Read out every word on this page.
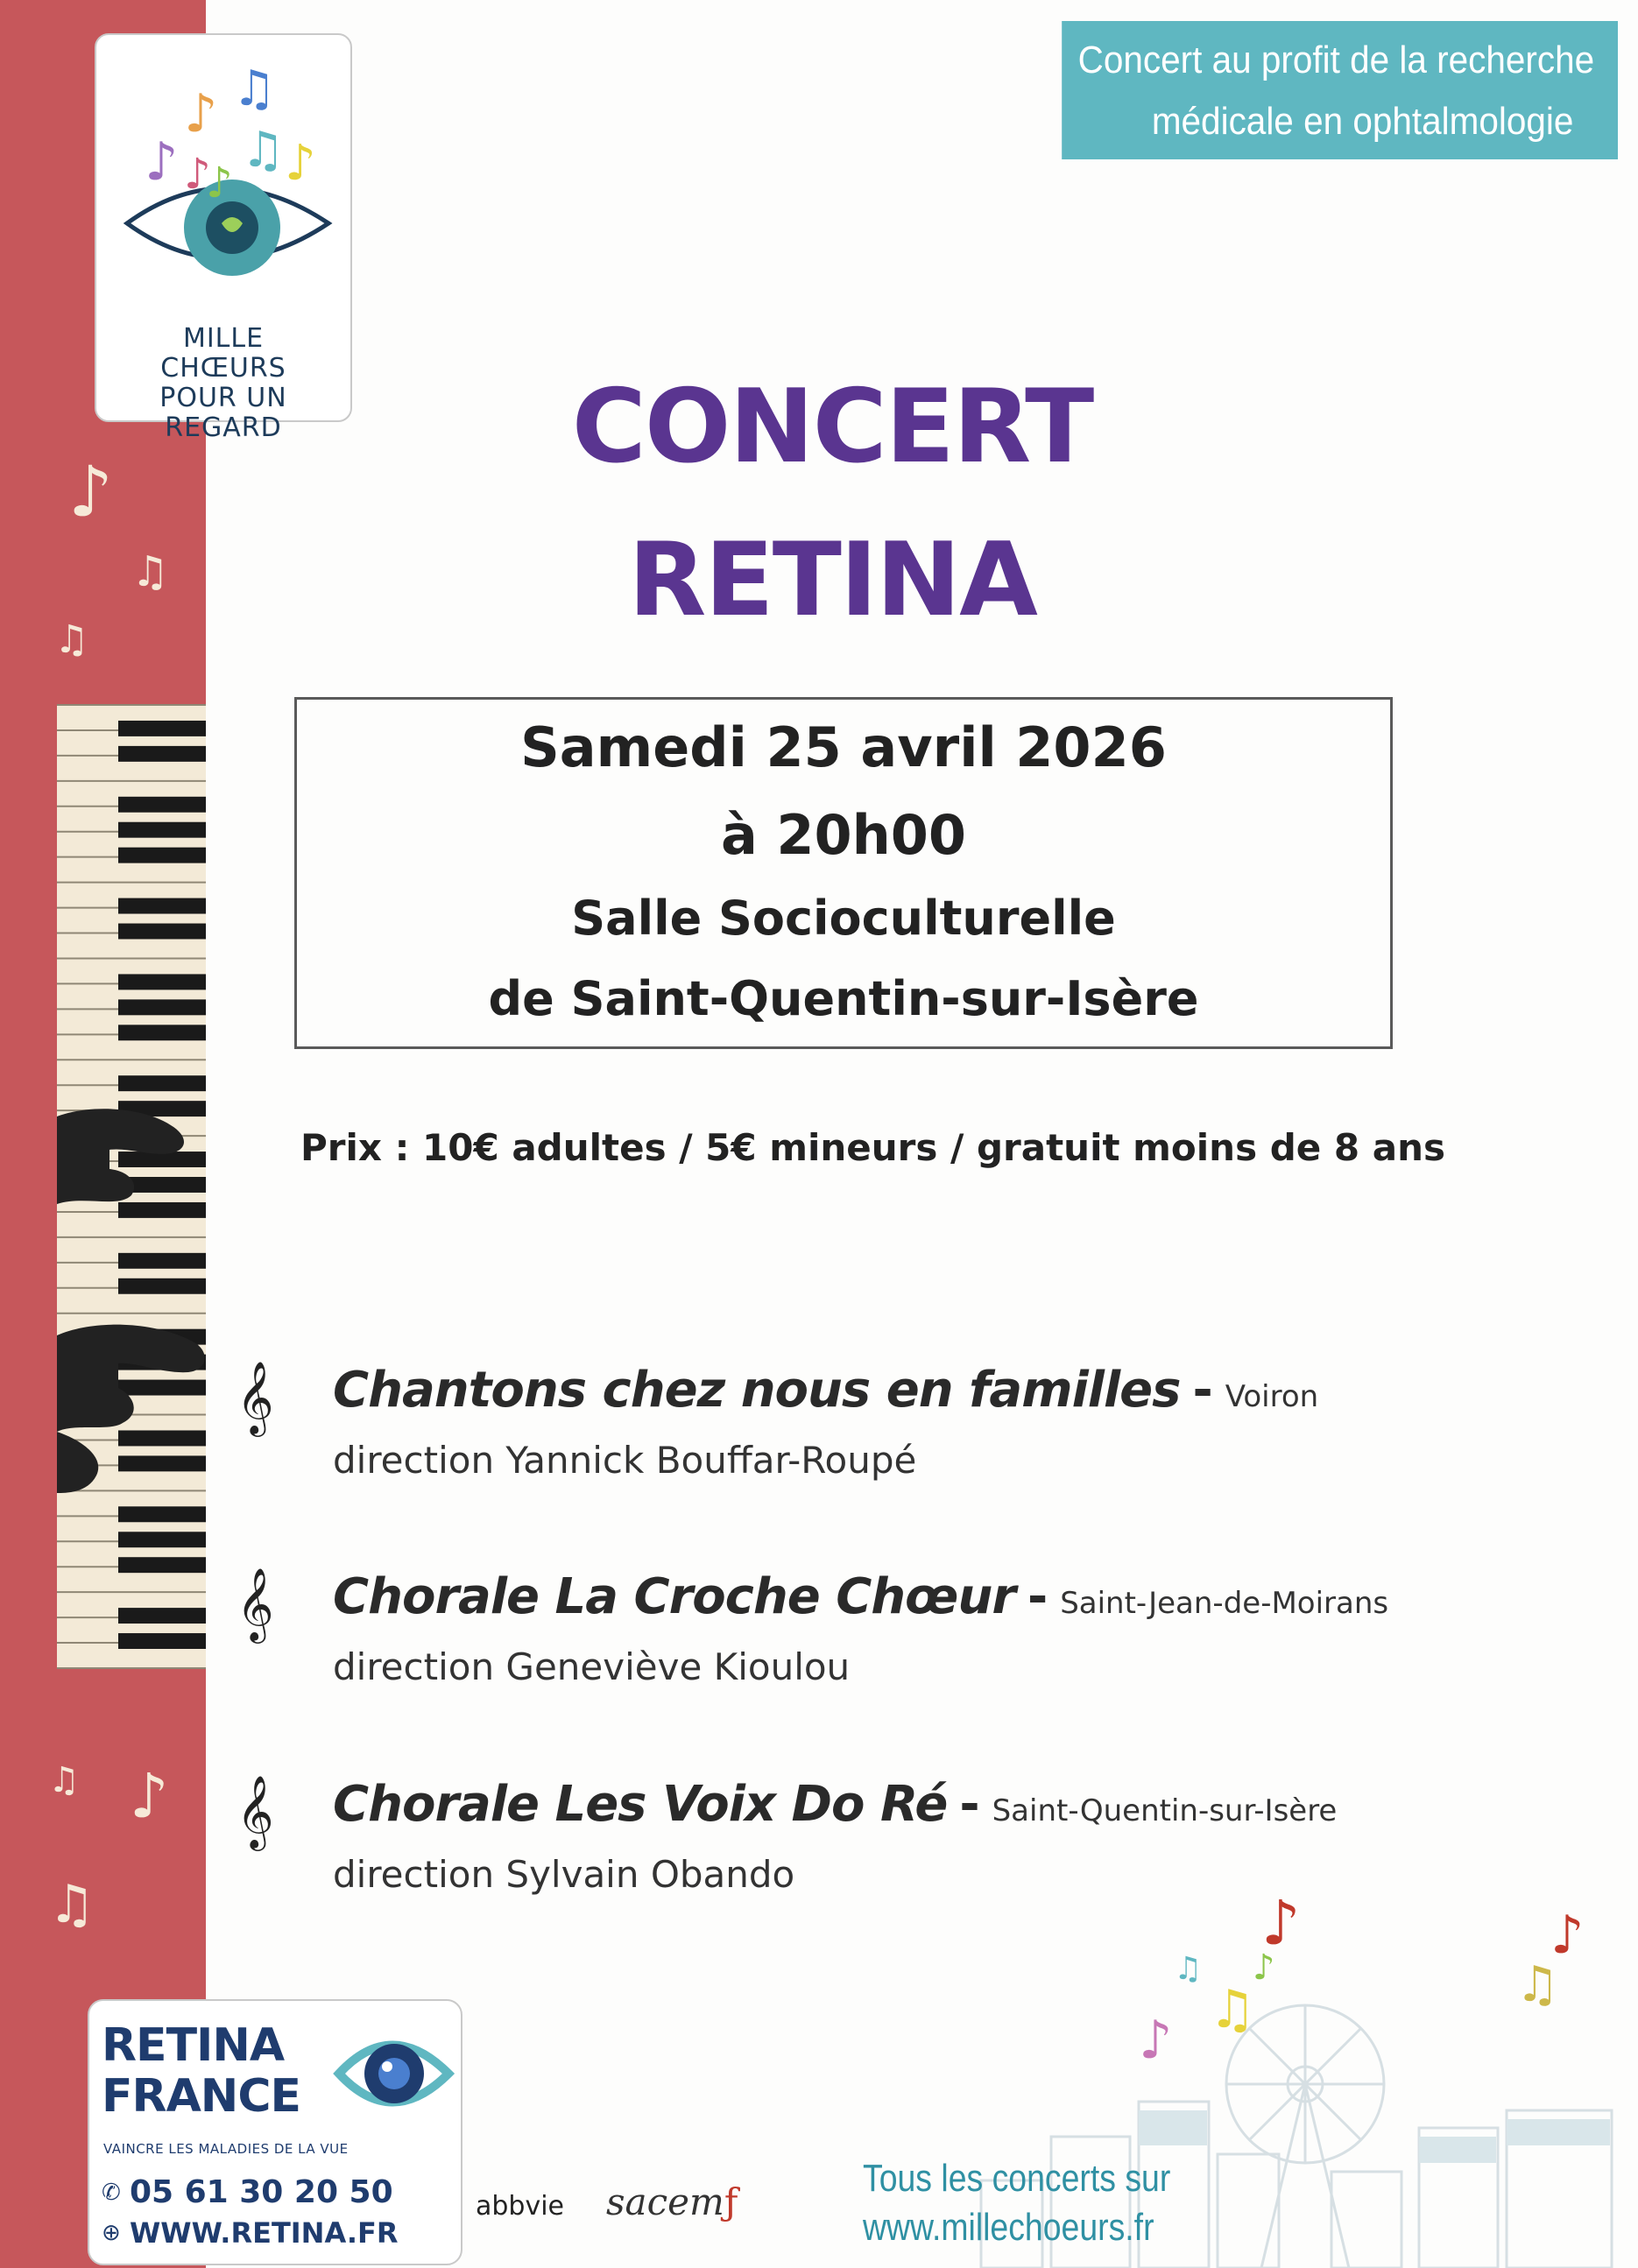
♪
♫
♫
♫ ♪
♫
♪
♪ ♫
♫ ♪
♪
♪
MILLE
CHŒURS
POUR UN
REGARD
Concert au profit de la recherche
médicale en ophtalmologie
CONCERT
RETINA
Samedi 25 avril 2026
à 20h00
Salle Socioculturelle
de Saint-Quentin-sur-Isère
Prix : 10€ adultes / 5€ mineurs / gratuit moins de 8 ans
𝄞 Chantons chez nous en familles - Voiron
direction Yannick Bouffar-Roupé
𝄞 Chorale La Croche Chœur - Saint-Jean-de-Moirans
direction Geneviève Kioulou
𝄞 Chorale Les Voix Do Ré - Saint-Quentin-sur-Isère
direction Sylvain Obando
RETINA
FRANCE
VAINCRE LES MALADIES DE LA VUE
✆ 05 61 30 20 50
⊕ WWW.RETINA.FR
abbvie sacemƒ
♪
♫
♪	♫
♫
♪
♪
Tous les concerts sur
www.millechoeurs.fr
